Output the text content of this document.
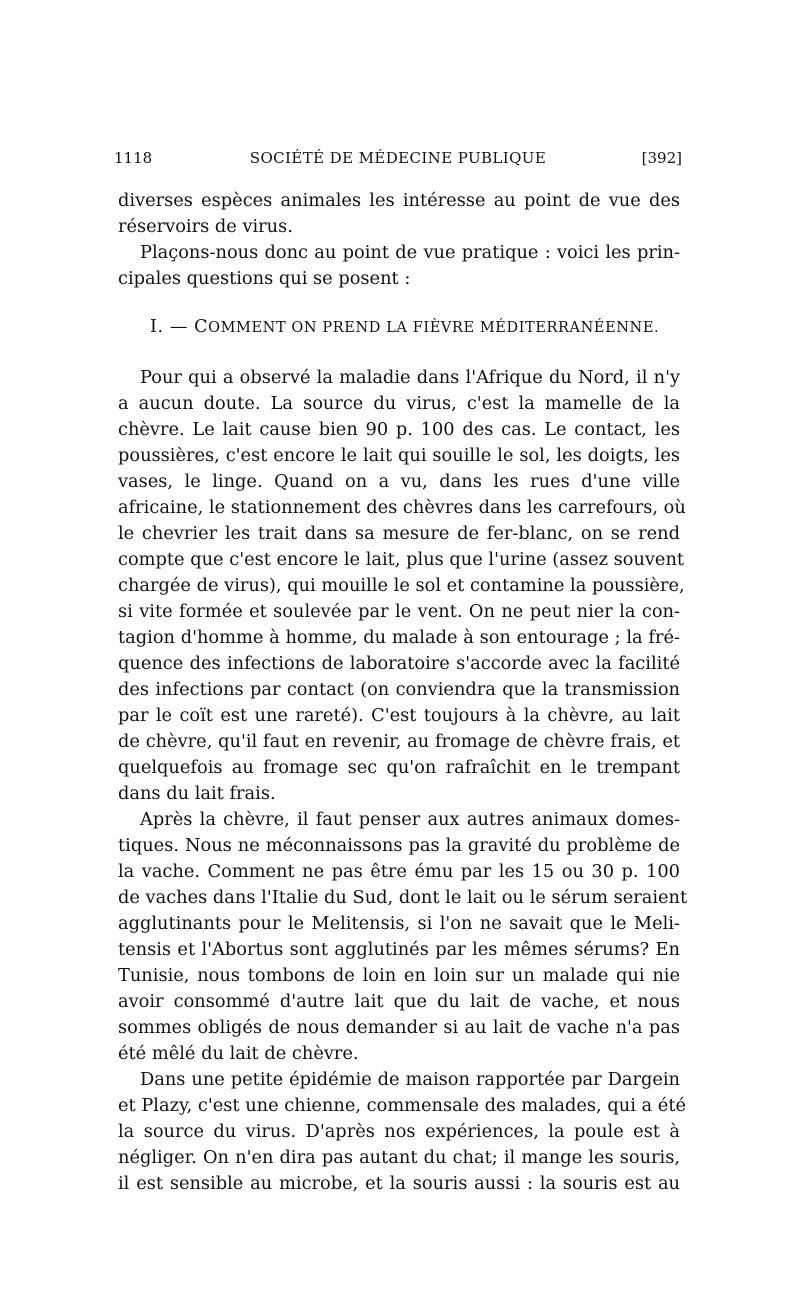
1118	SOCIÉTÉ DE MÉDECINE PUBLIQUE	[392]
diverses espèces animales les intéresse au point de vue des
réservoirs de virus.
Plaçons-nous donc au point de vue pratique : voici les prin-
cipales questions qui se posent :
I. — COMMENT ON PREND LA FIÈVRE MÉDITERRANÉENNE.
Pour qui a observé la maladie dans l'Afrique du Nord, il n'y
a aucun doute. La source du virus, c'est la mamelle de la
chèvre. Le lait cause bien 90 p. 100 des cas. Le contact, les
poussières, c'est encore le lait qui souille le sol, les doigts, les
vases, le linge. Quand on a vu, dans les rues d'une ville
africaine, le stationnement des chèvres dans les carrefours, où
le chevrier les trait dans sa mesure de fer-blanc, on se rend
compte que c'est encore le lait, plus que l'urine (assez souvent
chargée de virus), qui mouille le sol et contamine la poussière,
si vite formée et soulevée par le vent. On ne peut nier la con-
tagion d'homme à homme, du malade à son entourage ; la fré-
quence des infections de laboratoire s'accorde avec la facilité
des infections par contact (on conviendra que la transmission
par le coït est une rareté). C'est toujours à la chèvre, au lait
de chèvre, qu'il faut en revenir, au fromage de chèvre frais, et
quelquefois au fromage sec qu'on rafraîchit en le trempant
dans du lait frais.
Après la chèvre, il faut penser aux autres animaux domes-
tiques. Nous ne méconnaissons pas la gravité du problème de
la vache. Comment ne pas être ému par les 15 ou 30 p. 100
de vaches dans l'Italie du Sud, dont le lait ou le sérum seraient
agglutinants pour le Melitensis, si l'on ne savait que le Meli-
tensis et l'Abortus sont agglutinés par les mêmes sérums? En
Tunisie, nous tombons de loin en loin sur un malade qui nie
avoir consommé d'autre lait que du lait de vache, et nous
sommes obligés de nous demander si au lait de vache n'a pas
été mêlé du lait de chèvre.
Dans une petite épidémie de maison rapportée par Dargein
et Plazy, c'est une chienne, commensale des malades, qui a été
la source du virus. D'après nos expériences, la poule est à
négliger. On n'en dira pas autant du chat; il mange les souris,
il est sensible au microbe, et la souris aussi : la souris est au
